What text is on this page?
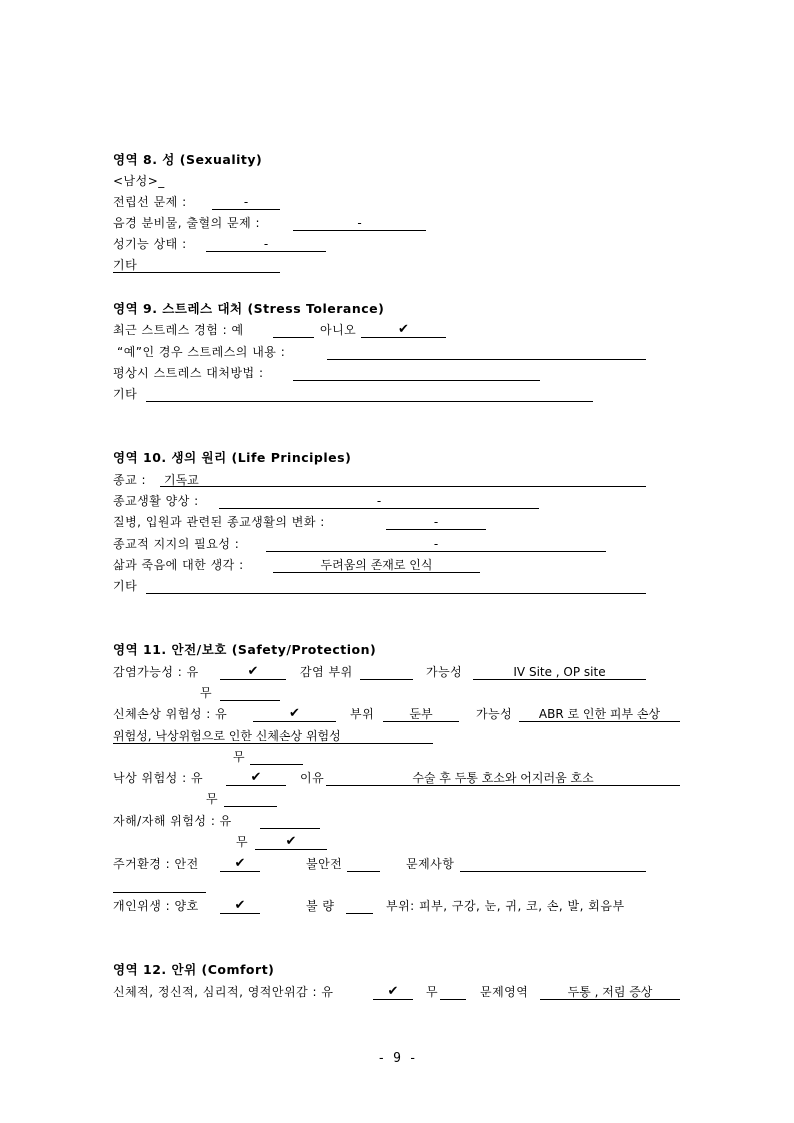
영역 8. 성 (Sexuality)
<남성>_
전립선 문제 :	-
음경 분비물, 출혈의 문제 :	-
성기능 상태 :	-
기타
영역 9. 스트레스 대처 (Stress Tolerance)
최근 스트레스 경험 : 예	아니오	✔
“예”인 경우 스트레스의 내용 :
평상시 스트레스 대처방법 :
기타
영역 10. 생의 원리 (Life Principles)
종교 :	기독교
종교생활 양상 :	-
질병, 입원과 관련된 종교생활의 변화 :	-
종교적 지지의 필요성 :	-
삶과 죽음에 대한 생각 :	두려움의 존재로 인식
기타
영역 11. 안전/보호 (Safety/Protection)
감염가능성 : 유	✔	감염 부위	가능성	IV Site , OP site
무
신체손상 위험성 : 유	✔	부위	둔부	가능성	ABR 로 인한 피부 손상
위험성, 낙상위험으로 인한 신체손상 위험성
무
낙상 위험성 : 유	✔	이유	수술 후 두통 호소와 어지러움 호소
무
자해/자해 위험성 : 유
무	✔
주거환경 : 안전	✔	불안전	문제사항
개인위생 : 양호	✔	불 량	부위: 피부, 구강, 눈, 귀, 코, 손, 발, 회음부
영역 12. 안위 (Comfort)
신체적, 정신적, 심리적, 영적안위감 : 유	✔	무	문제영역	두통 , 저림 증상
- 9 -
